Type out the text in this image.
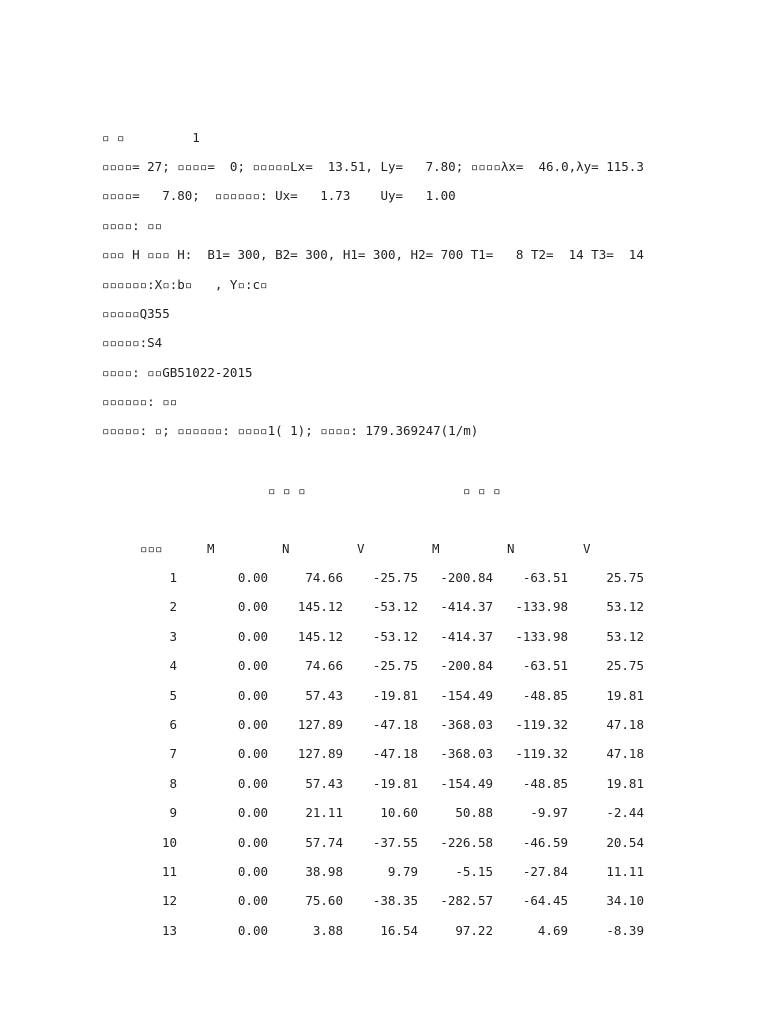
▫ ▫         1
▫▫▫▫= 27; ▫▫▫▫=  0; ▫▫▫▫▫Lx=  13.51, Ly=   7.80; ▫▫▫▫λx=  46.0,λy= 115.3
▫▫▫▫=   7.80;  ▫▫▫▫▫▫: Ux=   1.73    Uy=   1.00
▫▫▫▫: ▫▫
▫▫▫ H ▫▫▫ H:  B1= 300, B2= 300, H1= 300, H2= 700 T1=   8 T2=  14 T3=  14
▫▫▫▫▫▫:X▫:b▫   , Y▫:c▫
▫▫▫▫▫Q355
▫▫▫▫▫:S4
▫▫▫▫: ▫▫GB51022-2015
▫▫▫▫▫▫: ▫▫
▫▫▫▫▫: ▫; ▫▫▫▫▫▫: ▫▫▫▫1( 1); ▫▫▫▫: 179.369247(1/m)
▫ ▫ ▫	▫ ▫ ▫
▫▫▫	M	N	V	M	N	V
1	0.00	74.66 -25.75 -200.84 -63.51	25.75
2	0.00 145.12 -53.12 -414.37 -133.98	53.12
3	0.00 145.12 -53.12 -414.37 -133.98	53.12
4	0.00	74.66 -25.75 -200.84 -63.51	25.75
5	0.00	57.43 -19.81 -154.49 -48.85	19.81
6	0.00 127.89 -47.18 -368.03 -119.32	47.18
7	0.00 127.89 -47.18 -368.03 -119.32	47.18
8	0.00	57.43 -19.81 -154.49 -48.85	19.81
9	0.00	21.11	10.60	50.88	-9.97	-2.44
10	0.00	57.74 -37.55 -226.58 -46.59	20.54
11	0.00	38.98	9.79	-5.15 -27.84	11.11
12	0.00	75.60 -38.35 -282.57 -64.45	34.10
13	0.00	3.88	16.54	97.22	4.69	-8.39
